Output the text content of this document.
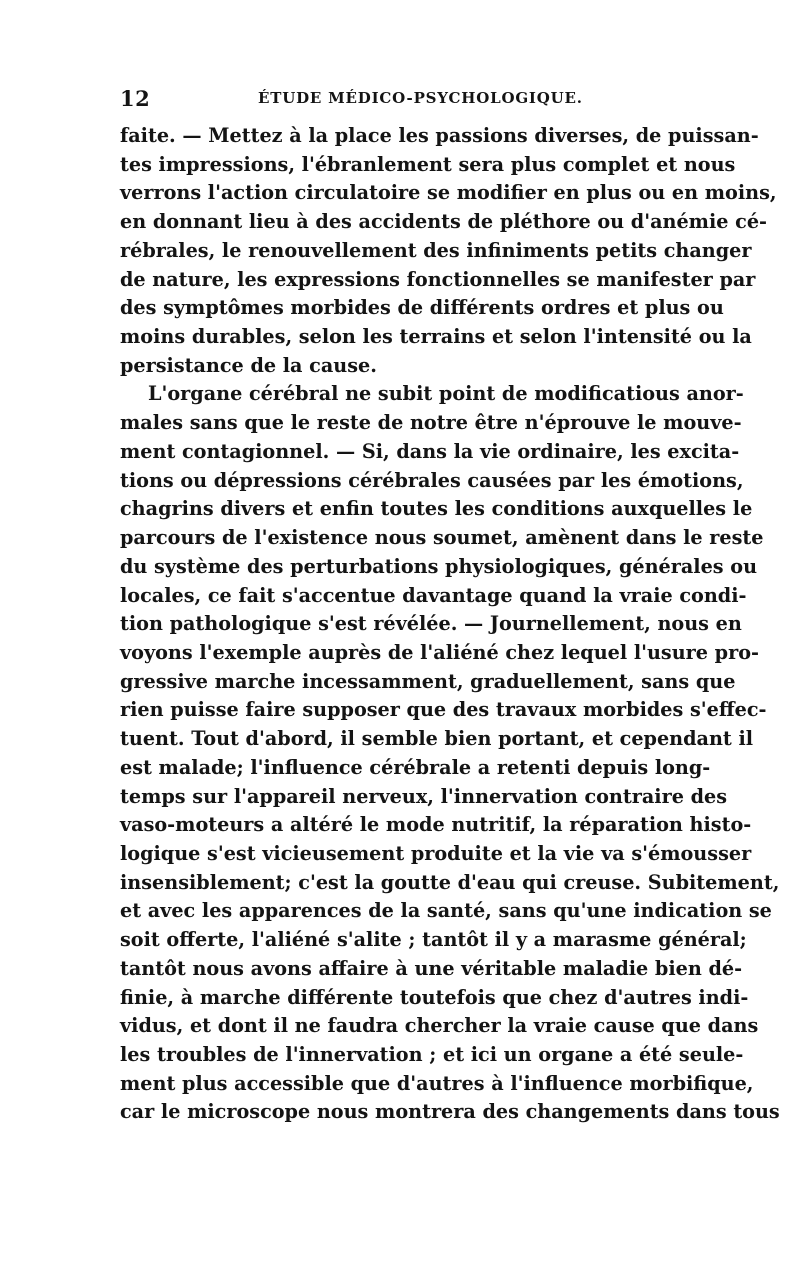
12	ÉTUDE MÉDICO-PSYCHOLOGIQUE.
faite. — Mettez à la place les passions diverses, de puissan-
tes impressions, l'ébranlement sera plus complet et nous
verrons l'action circulatoire se modifier en plus ou en moins,
en donnant lieu à des accidents de pléthore ou d'anémie cé-
rébrales, le renouvellement des infiniments petits changer
de nature, les expressions fonctionnelles se manifester par
des symptômes morbides de différents ordres et plus ou
moins durables, selon les terrains et selon l'intensité ou la
persistance de la cause.
L'organe cérébral ne subit point de modificatious anor-
males sans que le reste de notre être n'éprouve le mouve-
ment contagionnel. — Si, dans la vie ordinaire, les excita-
tions ou dépressions cérébrales causées par les émotions,
chagrins divers et enfin toutes les conditions auxquelles le
parcours de l'existence nous soumet, amènent dans le reste
du système des perturbations physiologiques, générales ou
locales, ce fait s'accentue davantage quand la vraie condi-
tion pathologique s'est révélée. — Journellement, nous en
voyons l'exemple auprès de l'aliéné chez lequel l'usure pro-
gressive marche incessamment, graduellement, sans que
rien puisse faire supposer que des travaux morbides s'effec-
tuent. Tout d'abord, il semble bien portant, et cependant il
est malade; l'influence cérébrale a retenti depuis long-
temps sur l'appareil nerveux, l'innervation contraire des
vaso-moteurs a altéré le mode nutritif, la réparation histo-
logique s'est vicieusement produite et la vie va s'émousser
insensiblement; c'est la goutte d'eau qui creuse. Subitement,
et avec les apparences de la santé, sans qu'une indication se
soit offerte, l'aliéné s'alite ; tantôt il y a marasme général;
tantôt nous avons affaire à une véritable maladie bien dé-
finie, à marche différente toutefois que chez d'autres indi-
vidus, et dont il ne faudra chercher la vraie cause que dans
les troubles de l'innervation ; et ici un organe a été seule-
ment plus accessible que d'autres à l'influence morbifique,
car le microscope nous montrera des changements dans tous
